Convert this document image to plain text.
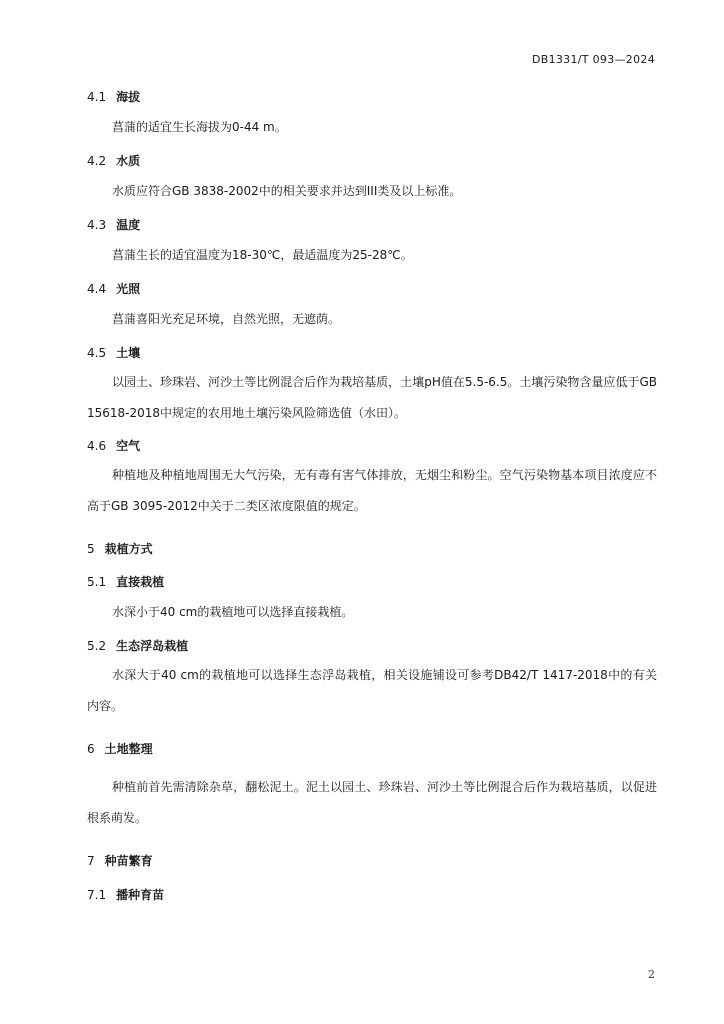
DB1331/T 093—2024
4.1 海拔
菖蒲的适宜生长海拔为0-44 m。
4.2 水质
水质应符合GB 3838-2002中的相关要求并达到III类及以上标准。
4.3 温度
菖蒲生长的适宜温度为18-30℃，最适温度为25-28℃。
4.4 光照
菖蒲喜阳光充足环境，自然光照，无遮荫。
4.5 土壤
以园土、珍珠岩、河沙土等比例混合后作为栽培基质，土壤pH值在5.5-6.5。土壤污染物含量应低于GB 15618-2018中规定的农用地土壤污染风险筛选值（水田）。
4.6 空气
种植地及种植地周围无大气污染，无有毒有害气体排放，无烟尘和粉尘。空气污染物基本项目浓度应不高于GB 3095-2012中关于二类区浓度限值的规定。
5 栽植方式
5.1 直接栽植
水深小于40 cm的栽植地可以选择直接栽植。
5.2 生态浮岛栽植
水深大于40 cm的栽植地可以选择生态浮岛栽植，相关设施铺设可参考DB42/T 1417-2018中的有关内容。
6 土地整理
种植前首先需清除杂草，翻松泥土。泥土以园土、珍珠岩、河沙土等比例混合后作为栽培基质，以促进根系萌发。
7 种苗繁育
7.1 播种育苗
2
